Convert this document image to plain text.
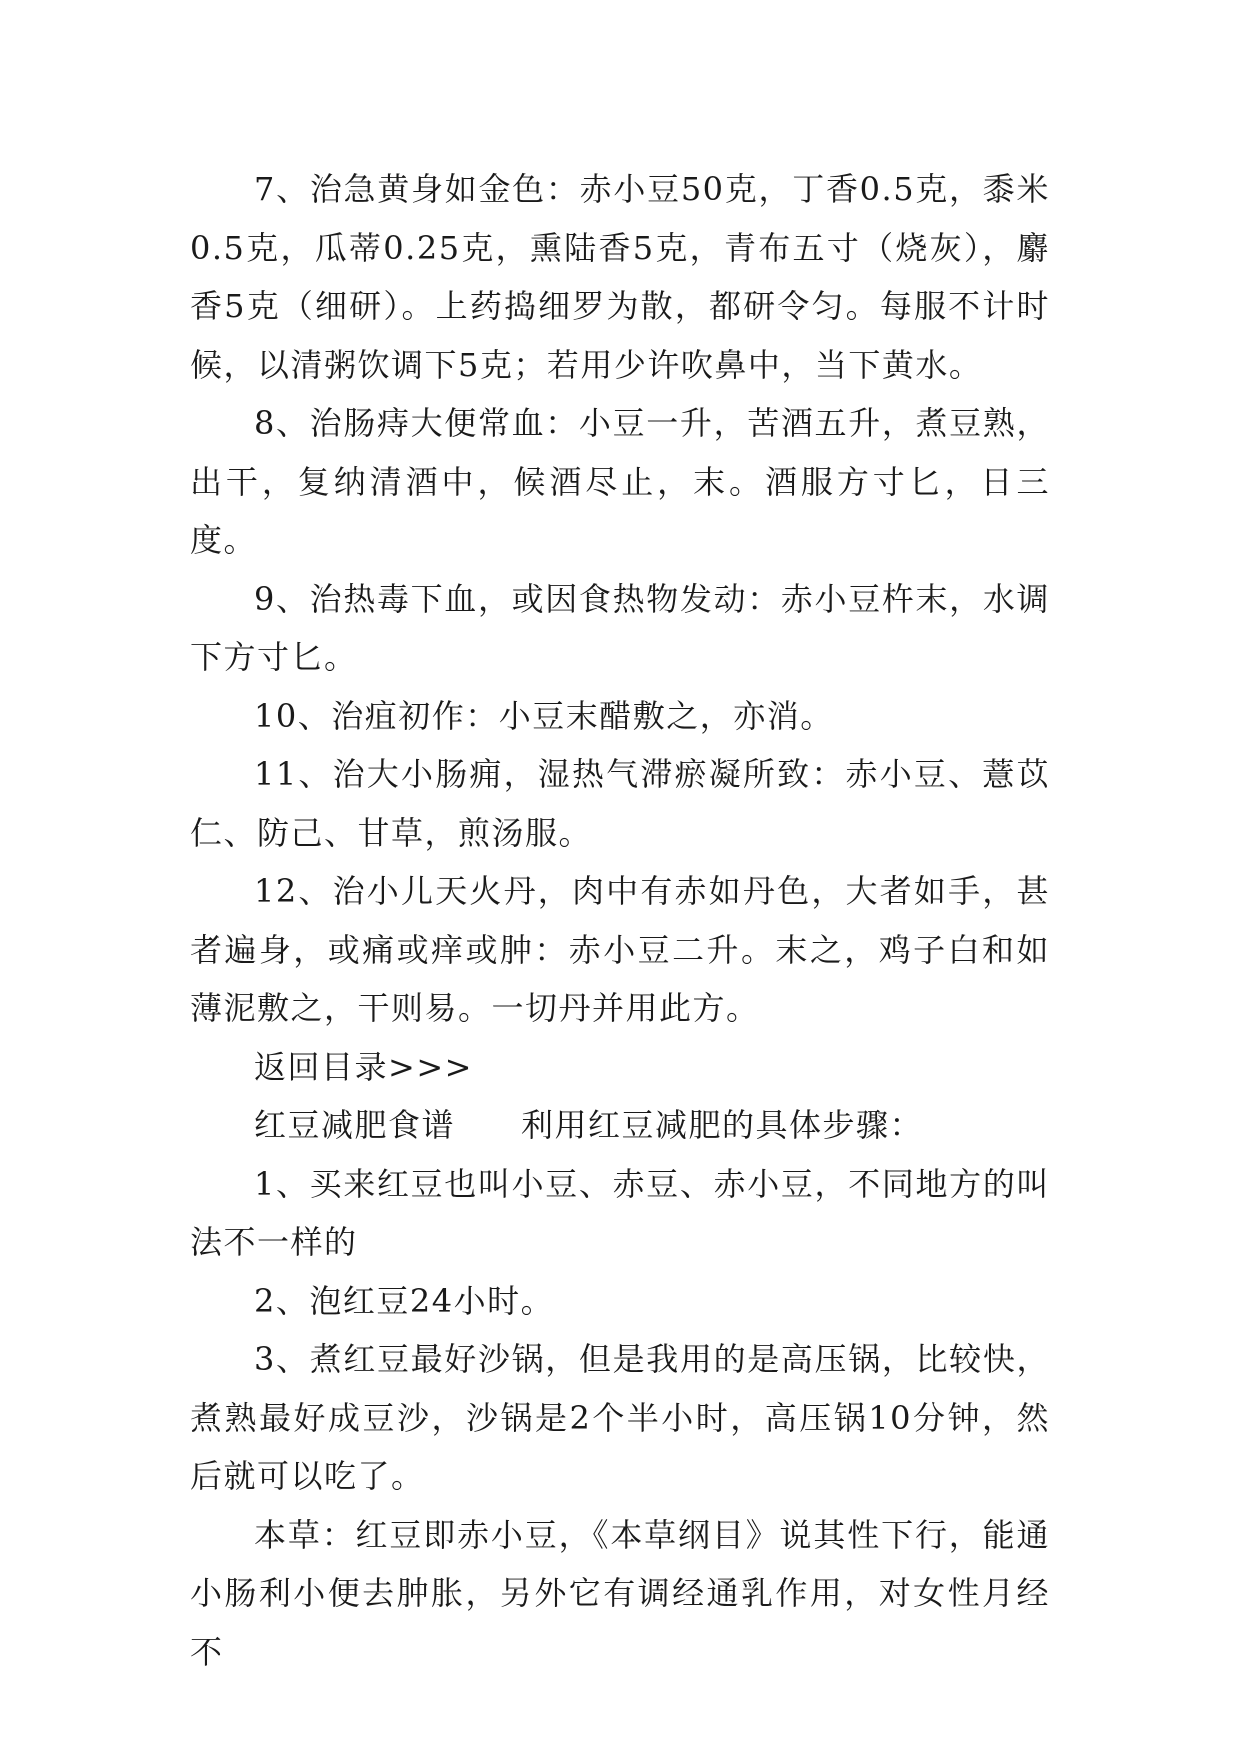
7、治急黄身如金色：赤小豆50克，丁香0.5克，黍米0.5克，瓜蒂0.25克，熏陆香5克，青布五寸（烧灰），麝香5克（细研）。上药捣细罗为散，都研令匀。每服不计时候，以清粥饮调下5克；若用少许吹鼻中，当下黄水。

8、治肠痔大便常血：小豆一升，苦酒五升，煮豆熟，出干，复纳清酒中，候酒尽止，末。酒服方寸匕，日三度。

9、治热毒下血，或因食热物发动：赤小豆杵末，水调下方寸匕。

10、治疽初作：小豆末醋敷之，亦消。

11、治大小肠痈，湿热气滞瘀凝所致：赤小豆、薏苡仁、防己、甘草，煎汤服。

12、治小儿天火丹，肉中有赤如丹色，大者如手，甚者遍身，或痛或痒或肿：赤小豆二升。末之，鸡子白和如薄泥敷之，干则易。一切丹并用此方。

返回目录>>>

红豆减肥食谱 利用红豆减肥的具体步骤：

1、买来红豆也叫小豆、赤豆、赤小豆，不同地方的叫法不一样的

2、泡红豆24小时。

3、煮红豆最好沙锅，但是我用的是高压锅，比较快，煮熟最好成豆沙，沙锅是2个半小时，高压锅10分钟，然后就可以吃了。

本草：红豆即赤小豆，《本草纲目》说其性下行，能通小肠利小便去肿胀，另外它有调经通乳作用，对女性月经不
